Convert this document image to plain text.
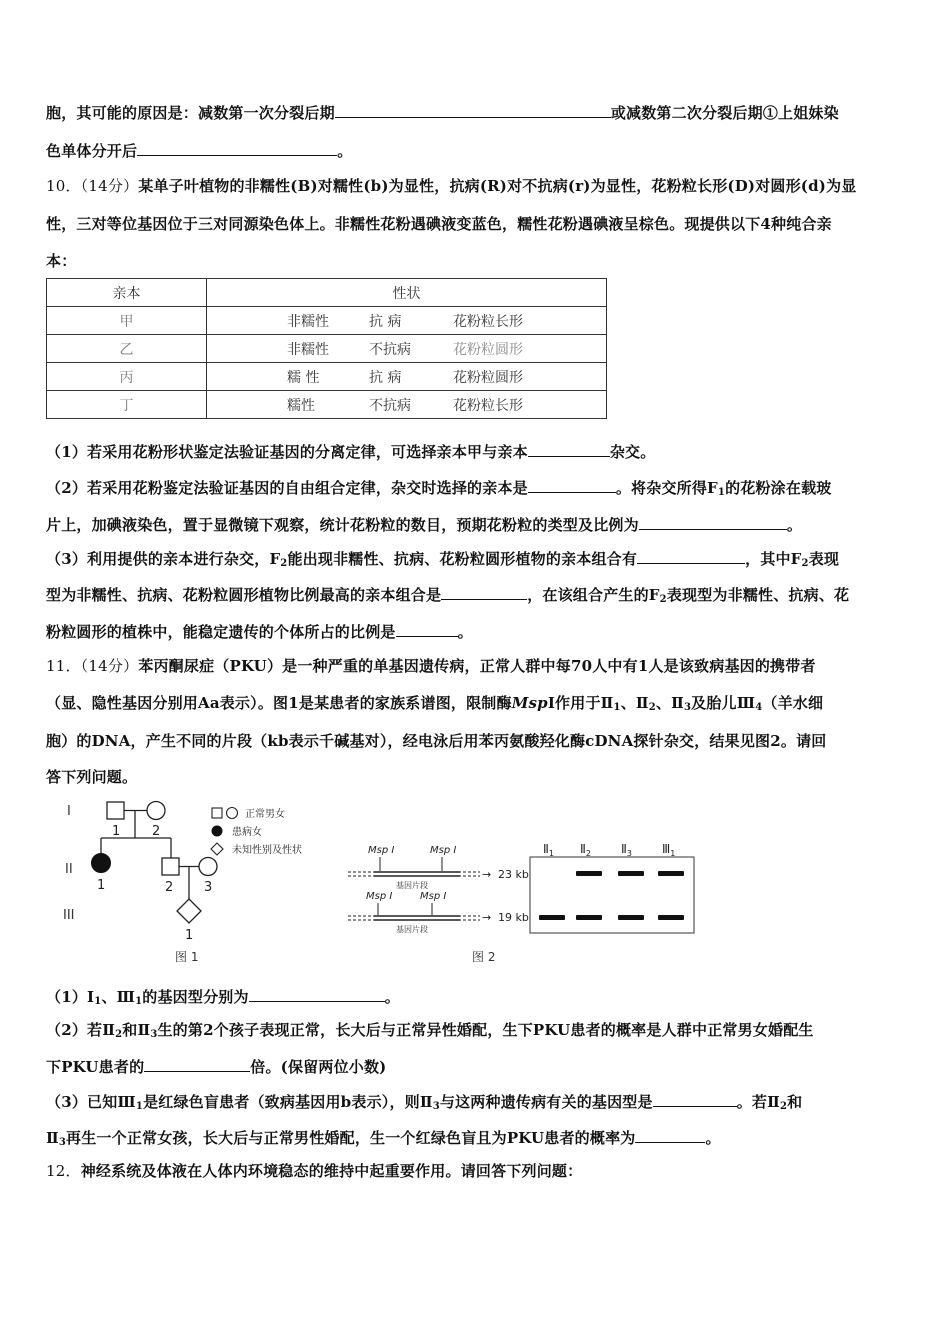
胞，其可能的原因是：减数第一次分裂后期	或减数第二次分裂后期①上姐妹染
色单体分开后	。
10．（14分）某单子叶植物的非糯性(B)对糯性(b)为显性，抗病(R)对不抗病(r)为显性，花粉粒长形(D)对圆形(d)为显
性，三对等位基因位于三对同源染色体上。非糯性花粉遇碘液变蓝色，糯性花粉遇碘液呈棕色。现提供以下4种纯合亲
本：
亲本	性状
甲	非糯性 抗 病 花粉粒长形
乙	非糯性 不抗病 花粉粒圆形
丙	糯 性 抗 病 花粉粒圆形
丁	糯性 不抗病 花粉粒长形
（1）若采用花粉形状鉴定法验证基因的分离定律，可选择亲本甲与亲本	杂交。
（2）若采用花粉鉴定法验证基因的自由组合定律，杂交时选择的亲本是	。将杂交所得$F_1$的花粉涂在载玻
片上，加碘液染色，置于显微镜下观察，统计花粉粒的数目，预期花粉粒的类型及比例为	。
（3）利用提供的亲本进行杂交，$F_2$能出现非糯性、抗病、花粉粒圆形植物的亲本组合有	，其中$F_2$表现
型为非糯性、抗病、花粉粒圆形植物比例最高的亲本组合是	，在该组合产生的$F_2$表现型为非糯性、抗病、花
粉粒圆形的植株中，能稳定遗传的个体所占的比例是	。
11．（14分）苯丙酮尿症（PKU）是一种严重的单基因遗传病，正常人群中每70人中有1人是该致病基因的携带者
（显、隐性基因分别用Aa表示）。图1是某患者的家族系谱图，限制酶MspI作用于$Ⅱ_1$、$Ⅱ_2$、$Ⅱ_3$及胎儿$Ⅲ_4$（羊水细
胞）的DNA，产生不同的片段（kb表示千碱基对），经电泳后用苯丙氨酸羟化酶cDNA探针杂交，结果见图2。请回
答下列问题。
I
II
III
1 2
1	2 3
1
正常男女
患病女
未知性别及性状
图 1
Msp I	Msp I
基因片段
→ 23 kb
Msp I	Msp I
基因片段
→ 19 kb
$Ⅱ_1$ $Ⅱ_2$	$Ⅱ_3$	$Ⅲ_1$
图 2
$(1)I_1$、$Ⅲ_1$的基因型分别为	。
（2）若$Ⅱ_2$和$Ⅱ_3$生的第2个孩子表现正常，长大后与正常异性婚配，生下PKU患者的概率是人群中正常男女婚配生
下PKU患者的	倍。(保留两位小数)
（3）已知$Ⅲ_1$是红绿色盲患者（致病基因用b表示），则$Ⅱ_3$与这两种遗传病有关的基因型是	。若$Ⅱ_2$和
$Ⅱ_3$再生一个正常女孩，长大后与正常男性婚配，生一个红绿色盲且为PKU患者的概率为	。
12．神经系统及体液在人体内环境稳态的维持中起重要作用。请回答下列问题：
